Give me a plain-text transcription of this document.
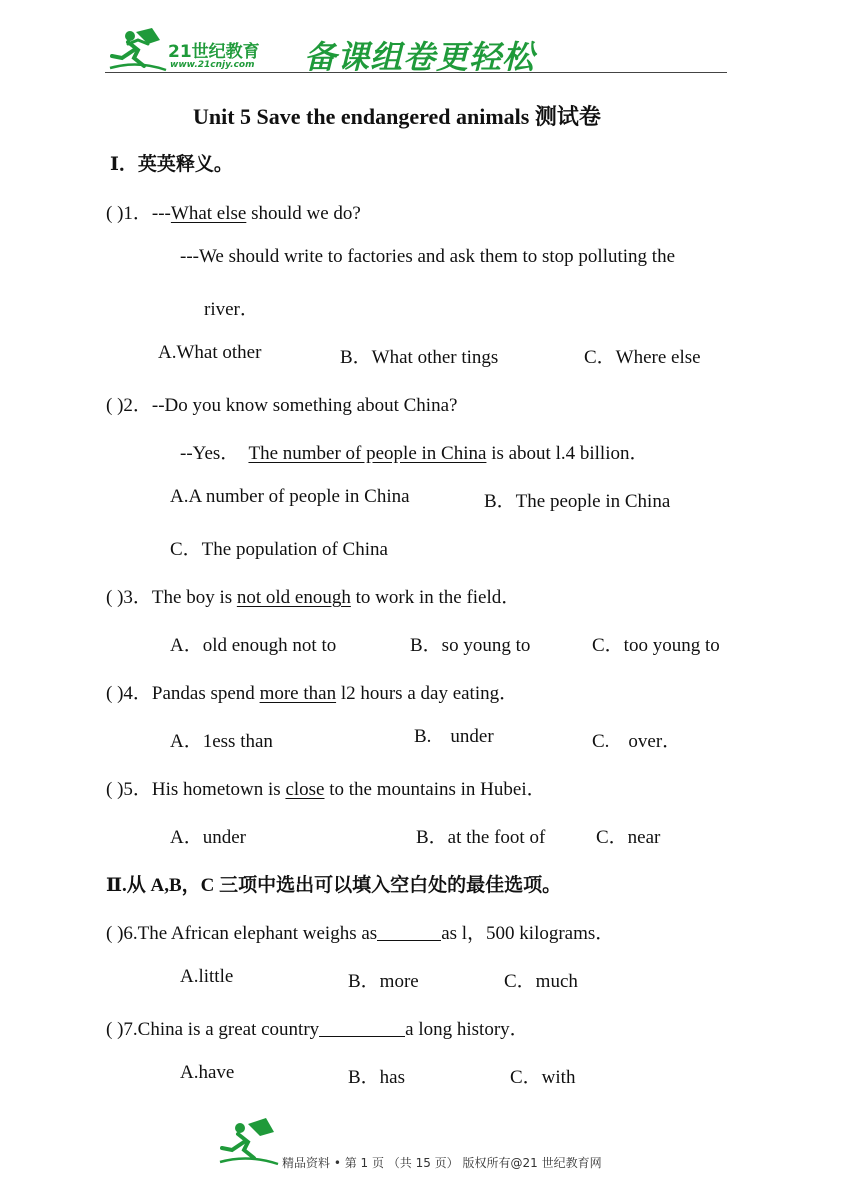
21世纪教育
www.21cnjy.com 备课组卷更轻松
Unit 5 Save the endangered animals 测试卷
Ⅰ．英英释义。
( )1．---What else should we do?
---We should write to factories and ask them to stop polluting the
river．
A.What other	B．What other tings	C．Where else
( )2．--Do you know something about China?
--Yes．  The number of people in China is about l.4 billion．
A.A number of people in China	B．The people in China
C．The population of China
( )3．The boy is not old enough to work in the field．
A．old enough not to	B．so young to	C．too young to
( )4．Pandas spend more than l2 hours a day eating．
A．1ess than	B.    under	C.    over．
( )5．His hometown is close to the mountains in Hubei．
A．under	B．at the foot of	C．near
Ⅱ.从 A,B，C 三项中选出可以填入空白处的最佳选项。
( )6.The African elephant weighs as	as l，500 kilograms．
A.little	B．more	C．much
( )7.China is a great country	a long history．
A.have	B．has	C．with
精品资料 • 第 1 页 （共 15 页） 版权所有@21 世纪教育网
